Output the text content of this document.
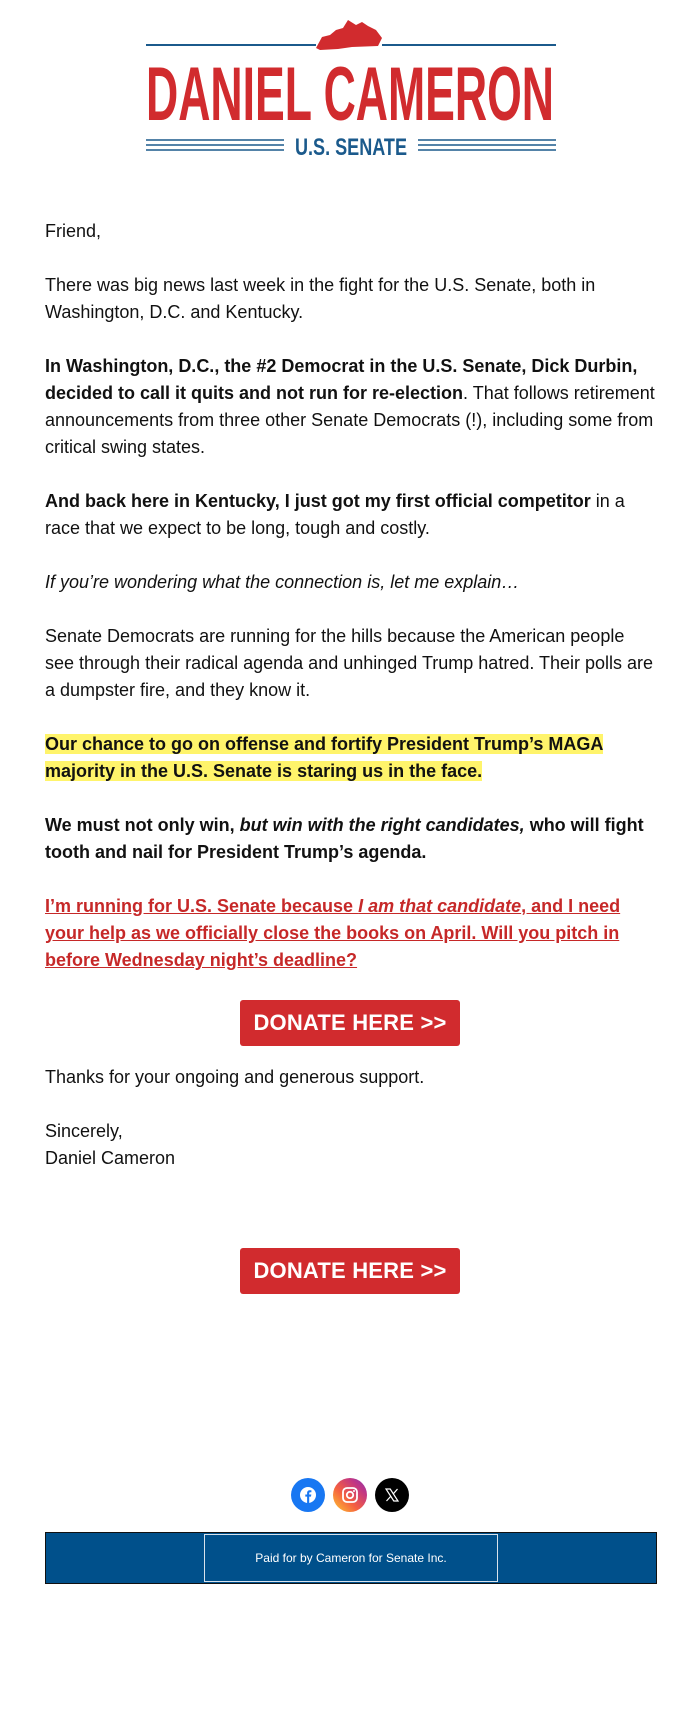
DANIEL CAMERON
U.S. SENATE

Friend,

There was big news last week in the fight for the U.S. Senate, both in Washington, D.C. and Kentucky.

In Washington, D.C., the #2 Democrat in the U.S. Senate, Dick Durbin, decided to call it quits and not run for re-election. That follows retirement announcements from three other Senate Democrats (!), including some from critical swing states.

And back here in Kentucky, I just got my first official competitor in a race that we expect to be long, tough and costly.

If you’re wondering what the connection is, let me explain…

Senate Democrats are running for the hills because the American people see through their radical agenda and unhinged Trump hatred. Their polls are a dumpster fire, and they know it.

Our chance to go on offense and fortify President Trump’s MAGA majority in the U.S. Senate is staring us in the face.

We must not only win, but win with the right candidates, who will fight tooth and nail for President Trump’s agenda.

I’m running for U.S. Senate because I am that candidate, and I need your help as we officially close the books on April. Will you pitch in before Wednesday night’s deadline?

DONATE HERE >>

Thanks for your ongoing and generous support.

Sincerely,
Daniel Cameron
DONATE HERE >>
Paid for by Cameron for Senate Inc.
